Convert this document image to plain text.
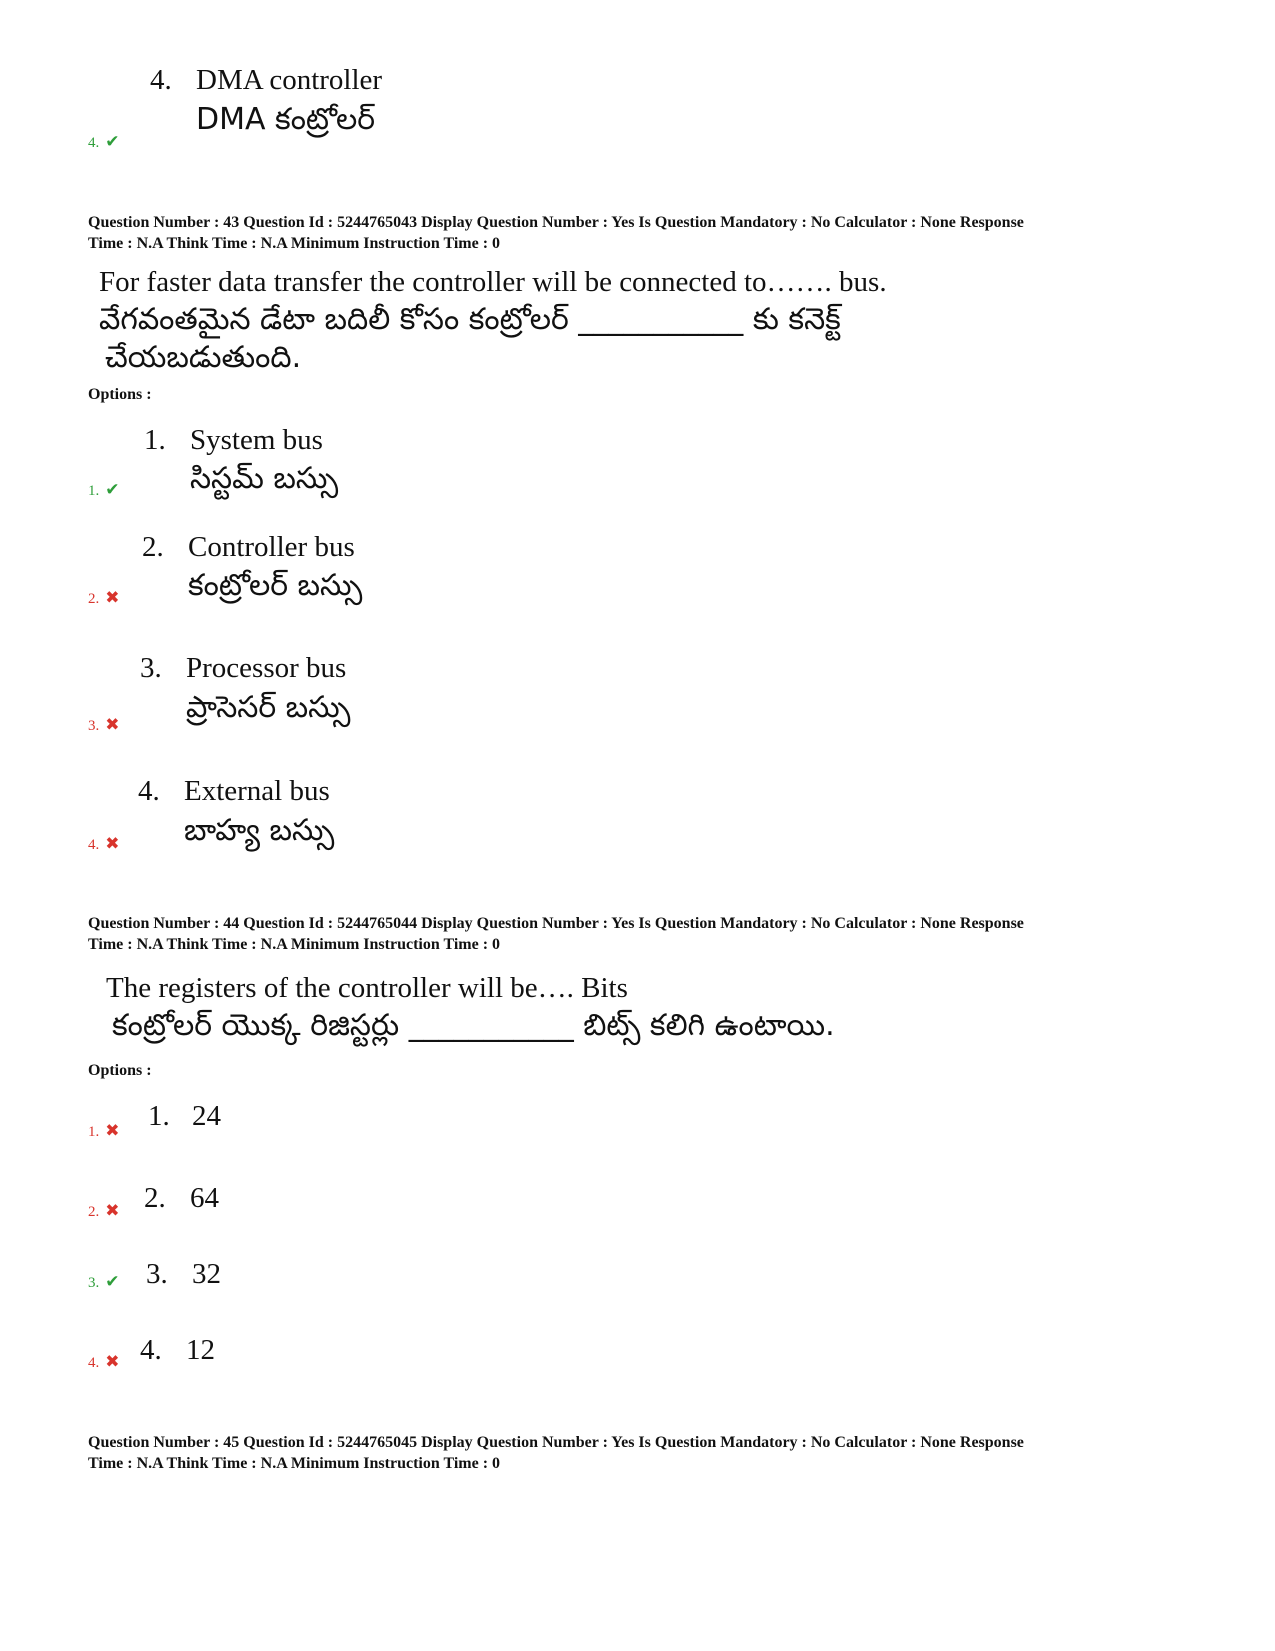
4. DMA controller
DMA కంట్రోలర్
4. ✔
Question Number : 43 Question Id : 5244765043 Display Question Number : Yes Is Question Mandatory : No Calculator : None Response
Time : N.A Think Time : N.A Minimum Instruction Time : 0
For faster data transfer the controller will be connected to……. bus.
వేగవంతమైన డేటా బదిలీ కోసం కంట్రోలర్ ___________ కు కనెక్ట్
చేయబడుతుంది.
Options :
1. System bus
సిస్టమ్ బస్సు
1. ✔
2. Controller bus
కంట్రోలర్ బస్సు
2. ✖
3. Processor bus
ప్రాసెసర్ బస్సు
3. ✖
4. External bus
బాహ్య బస్సు
4. ✖
Question Number : 44 Question Id : 5244765044 Display Question Number : Yes Is Question Mandatory : No Calculator : None Response
Time : N.A Think Time : N.A Minimum Instruction Time : 0
The registers of the controller will be…. Bits
కంట్రోలర్ యొక్క రిజిస్టర్లు ___________ బిట్స్ కలిగి ఉంటాయి.
Options :
1. 24
1. ✖
2. 64
2. ✖
3. 32
3. ✔
4. 12
4. ✖
Question Number : 45 Question Id : 5244765045 Display Question Number : Yes Is Question Mandatory : No Calculator : None Response
Time : N.A Think Time : N.A Minimum Instruction Time : 0
